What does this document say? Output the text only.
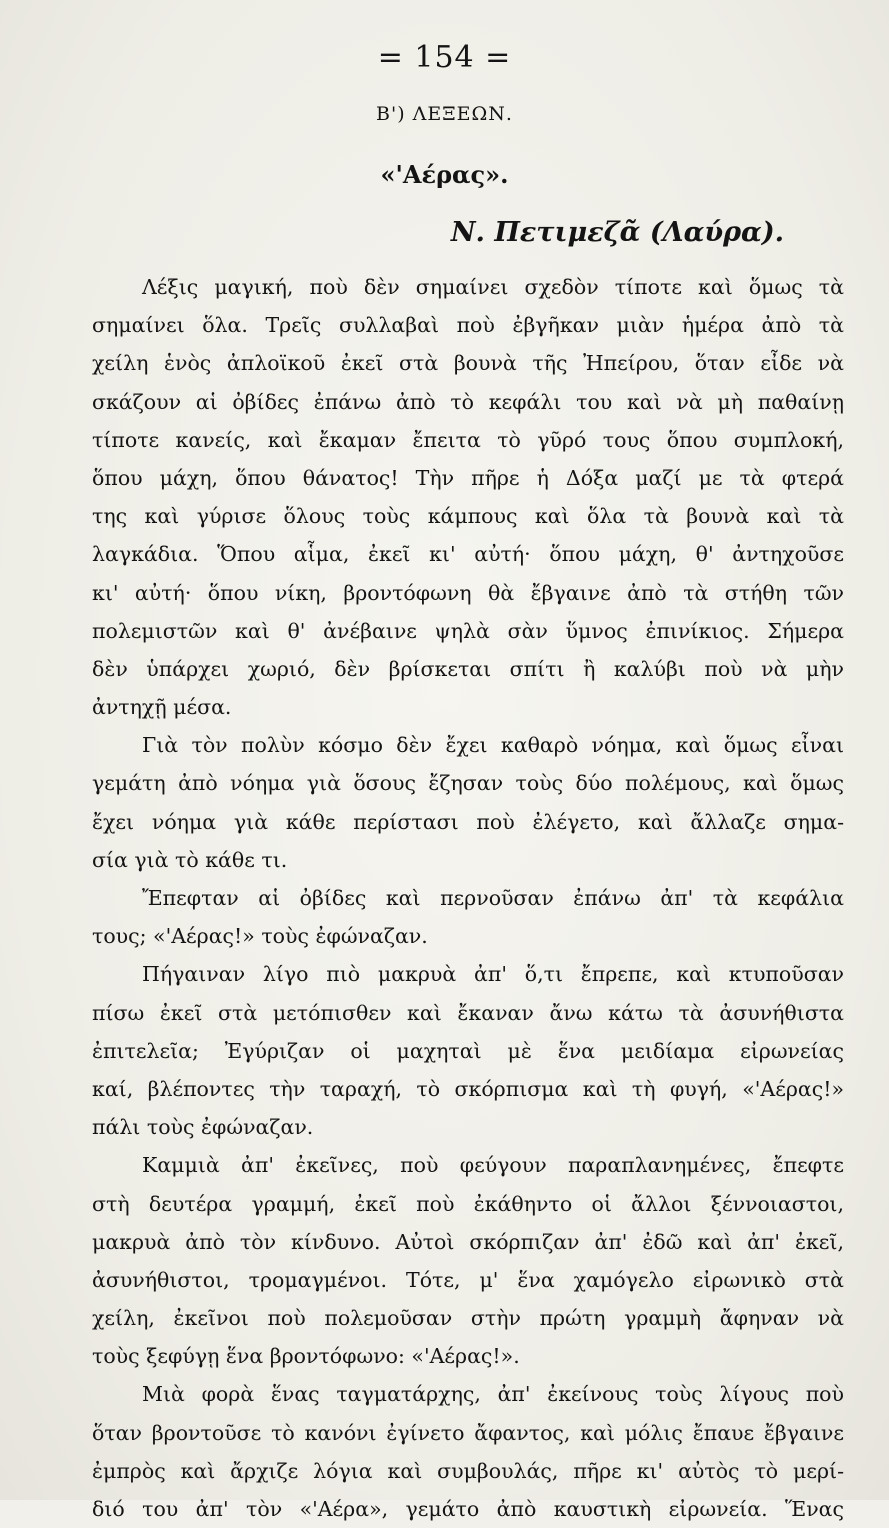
= 154 =
Β') ΛΕΞΕΩΝ.
«'Αέρας».
Ν. Πετιμεζᾶ (Λαύρα).
Λέξις μαγική, ποὺ δὲν σημαίνει σχεδὸν τίποτε καὶ ὅμως τὰ
σημαίνει ὅλα. Τρεῖς συλλαβαὶ ποὺ ἐβγῆκαν μιὰν ἡμέρα ἀπὸ τὰ
χείλη ἑνὸς ἀπλοϊκοῦ ἐκεῖ στὰ βουνὰ τῆς Ἠπείρου, ὅταν εἶδε νὰ
σκάζουν αἱ ὀβίδες ἐπάνω ἀπὸ τὸ κεφάλι του καὶ νὰ μὴ παθαίνῃ
τίποτε κανείς, καὶ ἔκαμαν ἔπειτα τὸ γῦρό τους ὅπου συμπλοκή,
ὅπου μάχη, ὅπου θάνατος! Τὴν πῆρε ἡ Δόξα μαζί με τὰ φτερά
της καὶ γύρισε ὅλους τοὺς κάμπους καὶ ὅλα τὰ βουνὰ καὶ τὰ
λαγκάδια. Ὅπου αἷμα, ἐκεῖ κι' αὐτή· ὅπου μάχη, θ' ἀντηχοῦσε
κι' αὐτή· ὅπου νίκη, βροντόφωνη θὰ ἔβγαινε ἀπὸ τὰ στήθη τῶν
πολεμιστῶν καὶ θ' ἀνέβαινε ψηλὰ σὰν ὕμνος ἐπινίκιος. Σήμερα
δὲν ὑπάρχει χωριό, δὲν βρίσκεται σπίτι ἢ καλύβι ποὺ νὰ μὴν
ἀντηχῇ μέσα.
Γιὰ τὸν πολὺν κόσμο δὲν ἔχει καθαρὸ νόημα, καὶ ὅμως εἶναι
γεμάτη ἀπὸ νόημα γιὰ ὅσους ἔζησαν τοὺς δύο πολέμους, καὶ ὅμως
ἔχει νόημα γιὰ κάθε περίστασι ποὺ ἐλέγετο, καὶ ἄλλαζε σημα-
σία γιὰ τὸ κάθε τι.
Ἔπεφταν αἱ ὀβίδες καὶ περνοῦσαν ἐπάνω ἀπ' τὰ κεφάλια
τους; «'Αέρας!» τοὺς ἐφώναζαν.
Πήγαιναν λίγο πιὸ μακρυὰ ἀπ' ὅ,τι ἔπρεπε, καὶ κτυποῦσαν
πίσω ἐκεῖ στὰ μετόπισθεν καὶ ἔκαναν ἄνω κάτω τὰ ἀσυνήθιστα
ἐπιτελεῖα; Ἐγύριζαν οἱ μαχηταὶ μὲ ἕνα μειδίαμα εἰρωνείας
καί, βλέποντες τὴν ταραχή, τὸ σκόρπισμα καὶ τὴ φυγή, «'Αέρας!»
πάλι τοὺς ἐφώναζαν.
Καμμιὰ ἀπ' ἐκεῖνες, ποὺ φεύγουν παραπλανημένες, ἔπεφτε
στὴ δευτέρα γραμμή, ἐκεῖ ποὺ ἐκάθηντο οἱ ἄλλοι ξέννοιαστοι,
μακρυὰ ἀπὸ τὸν κίνδυνο. Αὐτοὶ σκόρπιζαν ἀπ' ἐδῶ καὶ ἀπ' ἐκεῖ,
ἀσυνήθιστοι, τρομαγμένοι. Τότε, μ' ἕνα χαμόγελο εἰρωνικὸ στὰ
χείλη, ἐκεῖνοι ποὺ πολεμοῦσαν στὴν πρώτη γραμμὴ ἄφηναν νὰ
τοὺς ξεφύγῃ ἕνα βροντόφωνο: «'Αέρας!».
Μιὰ φορὰ ἕνας ταγματάρχης, ἀπ' ἐκείνους τοὺς λίγους ποὺ
ὅταν βροντοῦσε τὸ κανόνι ἐγίνετο ἄφαντος, καὶ μόλις ἔπαυε ἔβγαινε
ἐμπρὸς καὶ ἄρχιζε λόγια καὶ συμβουλάς, πῆρε κι' αὐτὸς τὸ μερί-
διό του ἀπ' τὸν «'Αέρα», γεμάτο ἀπὸ καυστικὴ εἰρωνεία. Ἕνας
